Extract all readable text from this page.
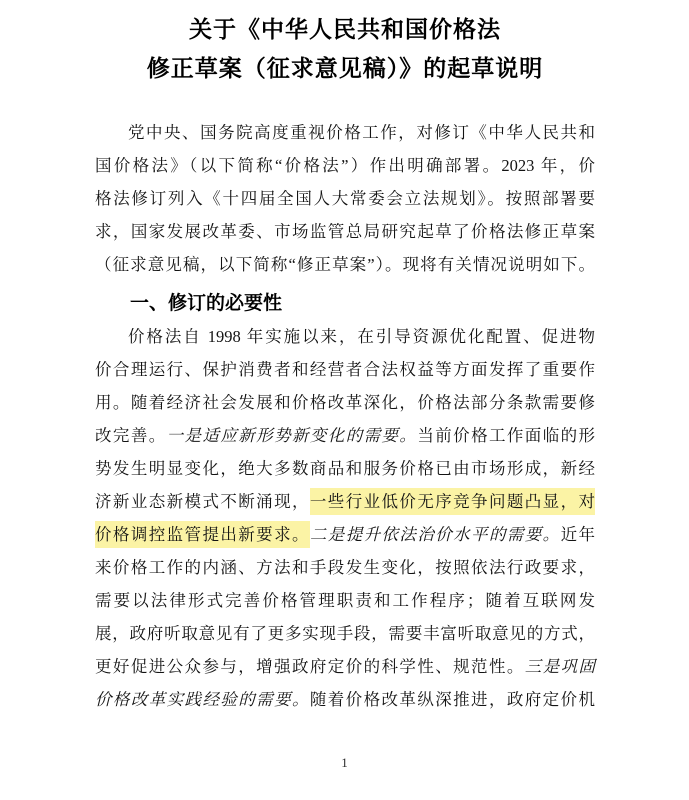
关于《中华人民共和国价格法
修正草案（征求意见稿）》的起草说明
党中央、国务院高度重视价格工作，对修订《中华人民共和
国价格法》（以下简称“价格法”）作出明确部署。2023 年，价
格法修订列入《十四届全国人大常委会立法规划》。按照部署要
求，国家发展改革委、市场监管总局研究起草了价格法修正草案
（征求意见稿，以下简称“修正草案”）。现将有关情况说明如下。
一、修订的必要性
价格法自 1998 年实施以来，在引导资源优化配置、促进物
价合理运行、保护消费者和经营者合法权益等方面发挥了重要作
用。随着经济社会发展和价格改革深化，价格法部分条款需要修
改完善。一是适应新形势新变化的需要。当前价格工作面临的形
势发生明显变化，绝大多数商品和服务价格已由市场形成，新经
济新业态新模式不断涌现，一些行业低价无序竞争问题凸显，对
价格调控监管提出新要求。二是提升依法治价水平的需要。近年
来价格工作的内涵、方法和手段发生变化，按照依法行政要求，
需要以法律形式完善价格管理职责和工作程序；随着互联网发
展，政府听取意见有了更多实现手段，需要丰富听取意见的方式，
更好促进公众参与，增强政府定价的科学性、规范性。三是巩固
价格改革实践经验的需要。随着价格改革纵深推进，政府定价机
1
